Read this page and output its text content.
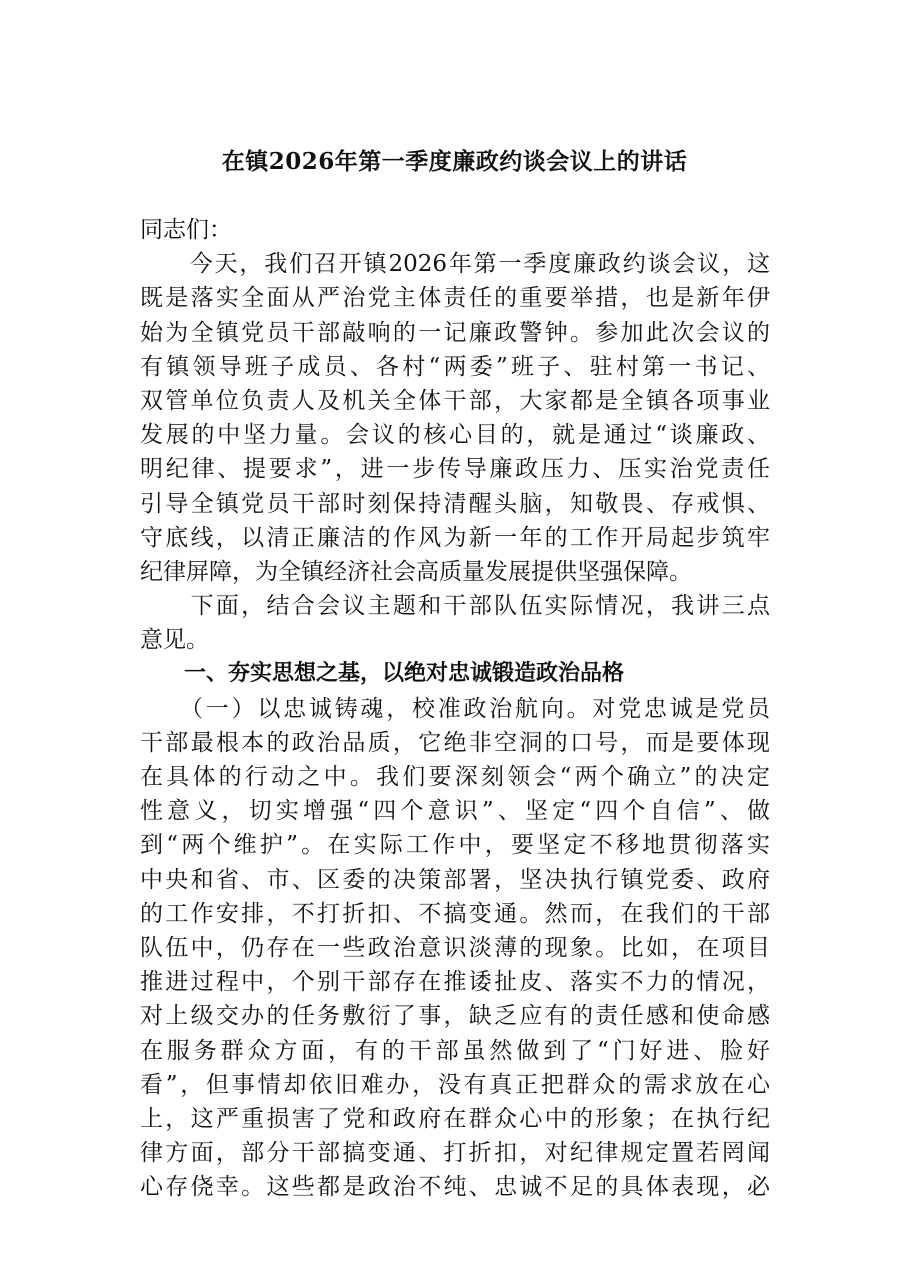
在镇2026年第一季度廉政约谈会议上的讲话
同志们：
　　今天，我们召开镇2026年第一季度廉政约谈会议，这
既是落实全面从严治党主体责任的重要举措，也是新年伊
始为全镇党员干部敲响的一记廉政警钟。参加此次会议的
有镇领导班子成员、各村“两委”班子、驻村第一书记、
双管单位负责人及机关全体干部，大家都是全镇各项事业
发展的中坚力量。会议的核心目的，就是通过“谈廉政、
明纪律、提要求”，进一步传导廉政压力、压实治党责任
引导全镇党员干部时刻保持清醒头脑，知敬畏、存戒惧、
守底线，以清正廉洁的作风为新一年的工作开局起步筑牢
纪律屏障，为全镇经济社会高质量发展提供坚强保障。
　　下面，结合会议主题和干部队伍实际情况，我讲三点
意见。
　　一、夯实思想之基，以绝对忠诚锻造政治品格
　　（一）以忠诚铸魂，校准政治航向。对党忠诚是党员
干部最根本的政治品质，它绝非空洞的口号，而是要体现
在具体的行动之中。我们要深刻领会“两个确立”的决定
性意义，切实增强“四个意识”、坚定“四个自信”、做
到“两个维护”。在实际工作中，要坚定不移地贯彻落实
中央和省、市、区委的决策部署，坚决执行镇党委、政府
的工作安排，不打折扣、不搞变通。然而，在我们的干部
队伍中，仍存在一些政治意识淡薄的现象。比如，在项目
推进过程中，个别干部存在推诿扯皮、落实不力的情况，
对上级交办的任务敷衍了事，缺乏应有的责任感和使命感
在服务群众方面，有的干部虽然做到了“门好进、脸好
看”，但事情却依旧难办，没有真正把群众的需求放在心
上，这严重损害了党和政府在群众心中的形象；在执行纪
律方面，部分干部搞变通、打折扣，对纪律规定置若罔闻
心存侥幸。这些都是政治不纯、忠诚不足的具体表现，必
